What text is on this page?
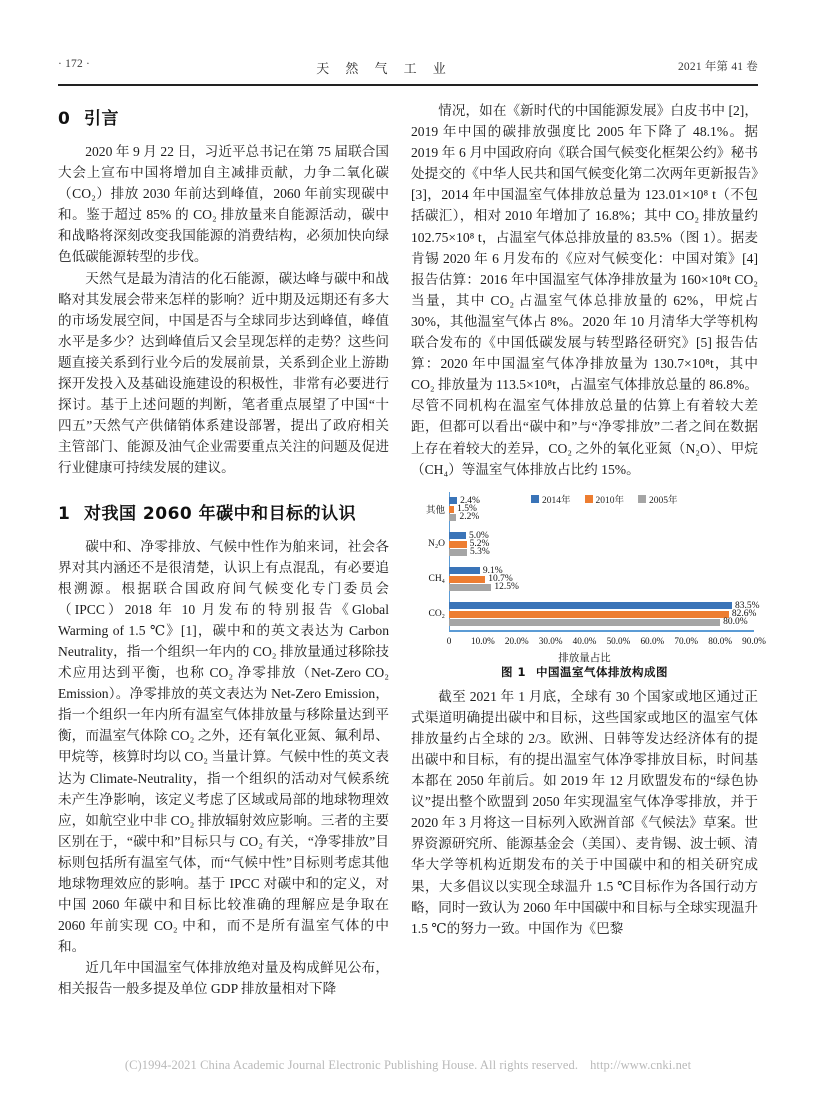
· 172 ·	天 然 气 工 业	2021 年第 41 卷
0 引言

2020 年 9 月 22 日，习近平总书记在第 75 届联合国大会上宣布中国将增加自主减排贡献，力争二氧化碳（CO₂）排放 2030 年前达到峰值，2060 年前实现碳中和。鉴于超过 85% 的 CO₂ 排放量来自能源活动，碳中和战略将深刻改变我国能源的消费结构，必须加快向绿色低碳能源转型的步伐。

天然气是最为清洁的化石能源，碳达峰与碳中和战略对其发展会带来怎样的影响？近中期及远期还有多大的市场发展空间，中国是否与全球同步达到峰值，峰值水平是多少？达到峰值后又会呈现怎样的走势？这些问题直接关系到行业今后的发展前景，关系到企业上游勘探开发投入及基础设施建设的积极性，非常有必要进行探讨。基于上述问题的判断，笔者重点展望了中国“十四五”天然气产供储销体系建设部署，提出了政府相关主管部门、能源及油气企业需要重点关注的问题及促进行业健康可持续发展的建议。

1 对我国 2060 年碳中和目标的认识

碳中和、净零排放、气候中性作为舶来词，社会各界对其内涵还不是很清楚，认识上有点混乱，有必要追根溯源。根据联合国政府间气候变化专门委员会（IPCC）2018 年 10 月发布的特别报告《Global Warming of 1.5 ℃》[1]，碳中和的英文表达为 Carbon Neutrality，指一个组织一年内的 CO₂ 排放量通过移除技术应用达到平衡，也称 CO₂ 净零排放（Net-Zero CO₂ Emission）。净零排放的英文表达为 Net-Zero Emission，指一个组织一年内所有温室气体排放量与移除量达到平衡，而温室气体除 CO₂ 之外，还有氧化亚氮、氟利昂、甲烷等，核算时均以 CO₂ 当量计算。气候中性的英文表达为 Climate-Neutrality，指一个组织的活动对气候系统未产生净影响，该定义考虑了区域或局部的地球物理效应，如航空业中非 CO₂ 排放辐射效应影响。三者的主要区别在于，“碳中和”目标只与 CO₂ 有关，“净零排放”目标则包括所有温室气体，而“气候中性”目标则考虑其他地球物理效应的影响。基于 IPCC 对碳中和的定义，对中国 2060 年碳中和目标比较准确的理解应是争取在 2060 年前实现 CO₂ 中和，而不是所有温室气体的中和。

近几年中国温室气体排放绝对量及构成鲜见公布，相关报告一般多提及单位 GDP 排放量相对下降

情况，如在《新时代的中国能源发展》白皮书中 [2]，2019 年中国的碳排放强度比 2005 年下降了 48.1%。据 2019 年 6 月中国政府向《联合国气候变化框架公约》秘书处提交的《中华人民共和国气候变化第二次两年更新报告》[3]，2014 年中国温室气体排放总量为 123.01×10⁸ t（不包括碳汇），相对 2010 年增加了 16.8%；其中 CO₂ 排放量约 102.75×10⁸ t，占温室气体总排放量的 83.5%（图 1）。据麦肯锡 2020 年 6 月发布的《应对气候变化：中国对策》[4] 报告估算：2016 年中国温室气体净排放量为 160×10⁸t CO₂ 当量，其中 CO₂ 占温室气体总排放量的 62%，甲烷占 30%，其他温室气体占 8%。2020 年 10 月清华大学等机构联合发布的《中国低碳发展与转型路径研究》[5] 报告估算：2020 年中国温室气体净排放量为 130.7×10⁸t，其中 CO₂ 排放量为 113.5×10⁸t，占温室气体排放总量的 86.8%。尽管不同机构在温室气体排放总量的估算上有着较大差距，但都可以看出“碳中和”与“净零排放”二者之间在数据上存在着较大的差异，CO₂ 之外的氧化亚氮（N₂O）、甲烷（CH₄）等温室气体排放占比约 15%。

2014年	2010年	2005年
CO₂
83.5%
82.6%
80.0%
CH₄
9.1%
10.7%
12.5%
N₂O
5.0%
5.2%
5.3%
其他
2.4%
1.5%
2.2%
0 10.0% 20.0% 30.0% 40.0% 50.0% 60.0% 70.0% 80.0% 90.0%
排放量占比
图 1 中国温室气体排放构成图

截至 2021 年 1 月底，全球有 30 个国家或地区通过正式渠道明确提出碳中和目标，这些国家或地区的温室气体排放量约占全球的 2/3。欧洲、日韩等发达经济体有的提出碳中和目标，有的提出温室气体净零排放目标，时间基本都在 2050 年前后。如 2019 年 12 月欧盟发布的“绿色协议”提出整个欧盟到 2050 年实现温室气体净零排放，并于 2020 年 3 月将这一目标列入欧洲首部《气候法》草案。世界资源研究所、能源基金会（美国）、麦肯锡、波士顿、清华大学等机构近期发布的关于中国碳中和的相关研究成果，大多倡议以实现全球温升 1.5 ℃目标作为各国行动方略，同时一致认为 2060 年中国碳中和目标与全球实现温升 1.5 ℃的努力一致。中国作为《巴黎

(C)1994-2021 China Academic Journal Electronic Publishing House. All rights reserved. http://www.cnki.net
